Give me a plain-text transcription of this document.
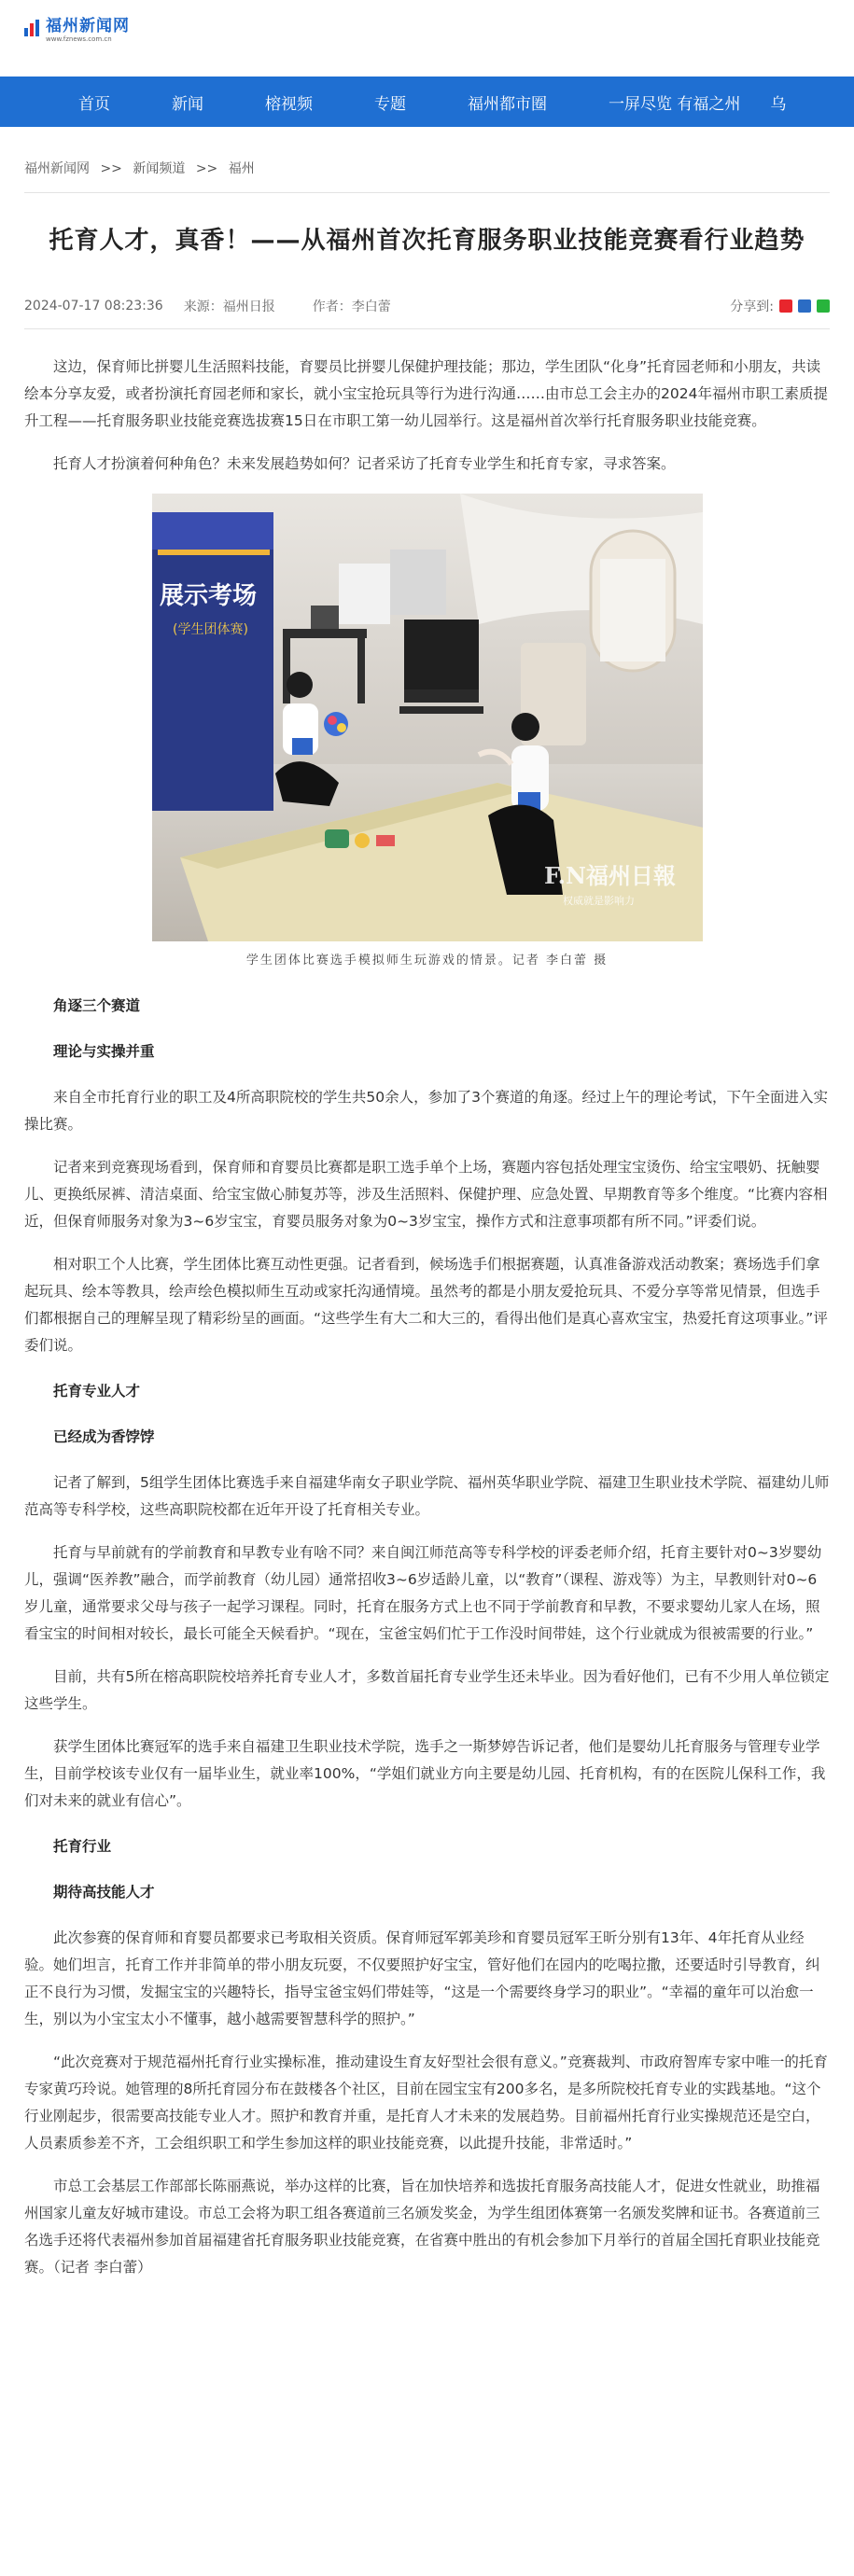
福州新闻网
www.fznews.com.cn
首页	新闻	榕视频	专题	福州都市圈	一屏尽览 有福之州 乌
福州新闻网 >> 新闻频道 >> 福州
托育人才，真香！——从福州首次托育服务职业技能竞赛看行业趋势
2024-07-17 08:23:36 来源：福州日报	作者：李白蕾	分享到:

这边，保育师比拼婴儿生活照料技能，育婴员比拼婴儿保健护理技能；那边，学生团队“化身”托育园老师和小朋友，共读绘本分享友爱，或者扮演托育园老师和家长，就小宝宝抢玩具等行为进行沟通……由市总工会主办的2024年福州市职工素质提升工程——托育服务职业技能竞赛选拔赛15日在市职工第一幼儿园举行。这是福州首次举行托育服务职业技能竞赛。

托育人才扮演着何种角色？未来发展趋势如何？记者采访了托育专业学生和托育专家，寻求答案。

展示考场
(学生团体赛)
F.N福州日報
权威就是影响力
学生团体比赛选手模拟师生玩游戏的情景。记者 李白蕾 摄

角逐三个赛道

理论与实操并重

来自全市托育行业的职工及4所高职院校的学生共50余人，参加了3个赛道的角逐。经过上午的理论考试，下午全面进入实操比赛。

记者来到竞赛现场看到，保育师和育婴员比赛都是职工选手单个上场，赛题内容包括处理宝宝烫伤、给宝宝喂奶、抚触婴儿、更换纸尿裤、清洁桌面、给宝宝做心肺复苏等，涉及生活照料、保健护理、应急处置、早期教育等多个维度。“比赛内容相近，但保育师服务对象为3~6岁宝宝，育婴员服务对象为0~3岁宝宝，操作方式和注意事项都有所不同。”评委们说。

相对职工个人比赛，学生团体比赛互动性更强。记者看到，候场选手们根据赛题，认真准备游戏活动教案；赛场选手们拿起玩具、绘本等教具，绘声绘色模拟师生互动或家托沟通情境。虽然考的都是小朋友爱抢玩具、不爱分享等常见情景，但选手们都根据自己的理解呈现了精彩纷呈的画面。“这些学生有大二和大三的，看得出他们是真心喜欢宝宝，热爱托育这项事业。”评委们说。

托育专业人才

已经成为香饽饽

记者了解到，5组学生团体比赛选手来自福建华南女子职业学院、福州英华职业学院、福建卫生职业技术学院、福建幼儿师范高等专科学校，这些高职院校都在近年开设了托育相关专业。

托育与早前就有的学前教育和早教专业有啥不同？来自闽江师范高等专科学校的评委老师介绍，托育主要针对0~3岁婴幼儿，强调“医养教”融合，而学前教育（幼儿园）通常招收3~6岁适龄儿童，以“教育”（课程、游戏等）为主，早教则针对0~6岁儿童，通常要求父母与孩子一起学习课程。同时，托育在服务方式上也不同于学前教育和早教，不要求婴幼儿家人在场，照看宝宝的时间相对较长，最长可能全天候看护。“现在，宝爸宝妈们忙于工作没时间带娃，这个行业就成为很被需要的行业。”

目前，共有5所在榕高职院校培养托育专业人才，多数首届托育专业学生还未毕业。因为看好他们，已有不少用人单位锁定这些学生。

获学生团体比赛冠军的选手来自福建卫生职业技术学院，选手之一斯梦婷告诉记者，他们是婴幼儿托育服务与管理专业学生，目前学校该专业仅有一届毕业生，就业率100%，“学姐们就业方向主要是幼儿园、托育机构，有的在医院儿保科工作，我们对未来的就业有信心”。

托育行业

期待高技能人才

此次参赛的保育师和育婴员都要求已考取相关资质。保育师冠军郭美珍和育婴员冠军王昕分别有13年、4年托育从业经验。她们坦言，托育工作并非简单的带小朋友玩耍，不仅要照护好宝宝，管好他们在园内的吃喝拉撒，还要适时引导教育，纠正不良行为习惯，发掘宝宝的兴趣特长，指导宝爸宝妈们带娃等，“这是一个需要终身学习的职业”。“幸福的童年可以治愈一生，别以为小宝宝太小不懂事，越小越需要智慧科学的照护。”

“此次竞赛对于规范福州托育行业实操标准，推动建设生育友好型社会很有意义。”竞赛裁判、市政府智库专家中唯一的托育专家黄巧玲说。她管理的8所托育园分布在鼓楼各个社区，目前在园宝宝有200多名，是多所院校托育专业的实践基地。“这个行业刚起步，很需要高技能专业人才。照护和教育并重，是托育人才未来的发展趋势。目前福州托育行业实操规范还是空白，人员素质参差不齐，工会组织职工和学生参加这样的职业技能竞赛，以此提升技能，非常适时。”

市总工会基层工作部部长陈丽燕说，举办这样的比赛，旨在加快培养和选拔托育服务高技能人才，促进女性就业，助推福州国家儿童友好城市建设。市总工会将为职工组各赛道前三名颁发奖金，为学生组团体赛第一名颁发奖牌和证书。各赛道前三名选手还将代表福州参加首届福建省托育服务职业技能竞赛，在省赛中胜出的有机会参加下月举行的首届全国托育职业技能竞赛。（记者 李白蕾）
